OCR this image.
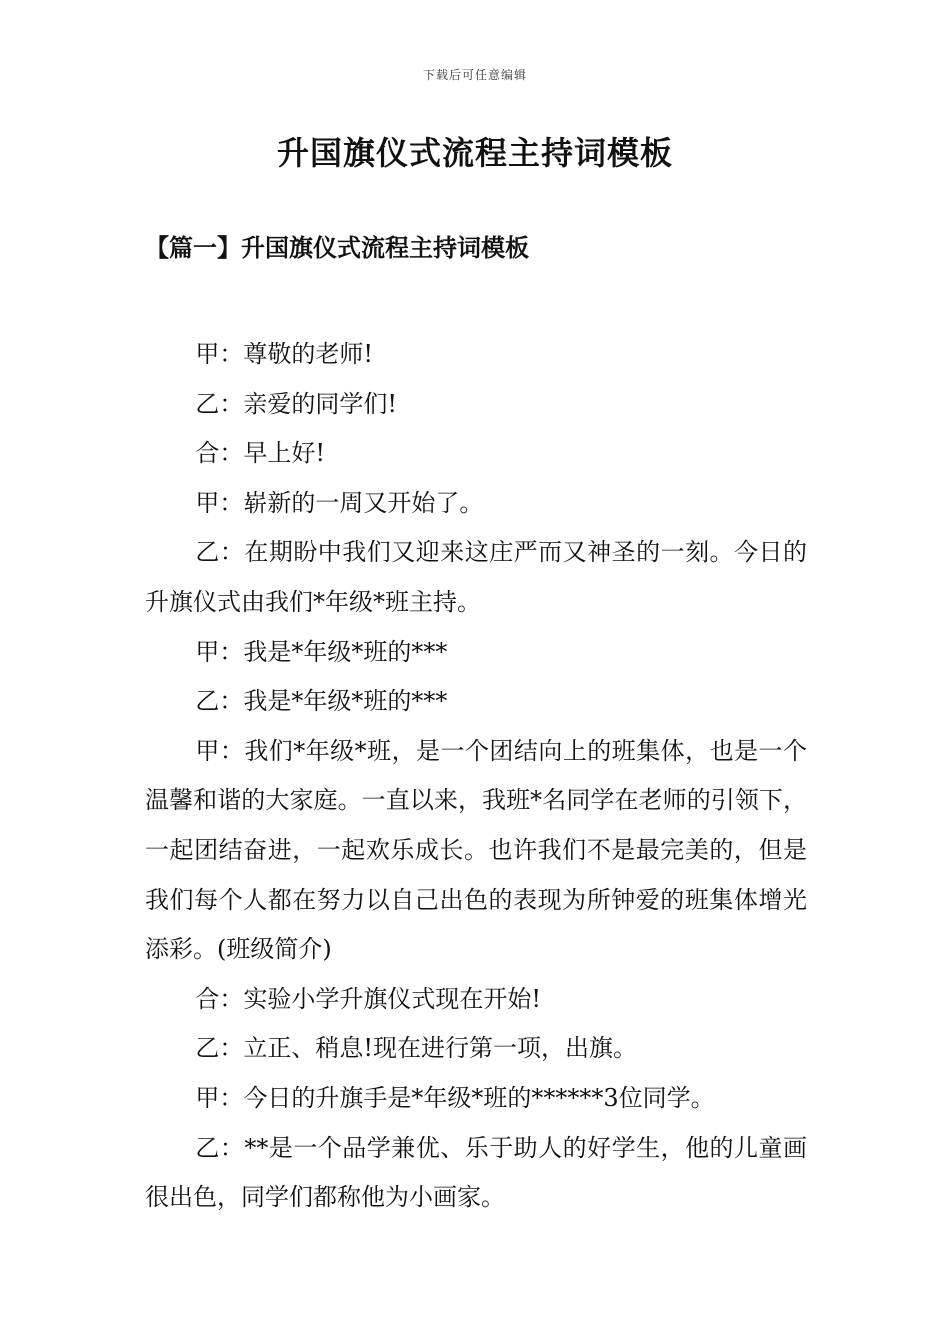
下载后可任意编辑
升国旗仪式流程主持词模板
【篇一】升国旗仪式流程主持词模板

甲：尊敬的老师!

乙：亲爱的同学们!

合：早上好!

甲：崭新的一周又开始了。

乙：在期盼中我们又迎来这庄严而又神圣的一刻。今日的升旗仪式由我们*年级*班主持。

甲：我是*年级*班的***

乙：我是*年级*班的***

甲：我们*年级*班，是一个团结向上的班集体，也是一个温馨和谐的大家庭。一直以来，我班*名同学在老师的引领下，一起团结奋进，一起欢乐成长。也许我们不是最完美的，但是我们每个人都在努力以自己出色的表现为所钟爱的班集体增光添彩。(班级简介)

合：实验小学升旗仪式现在开始!

乙：立正、稍息!现在进行第一项，出旗。

甲：今日的升旗手是*年级*班的******3位同学。

乙：**是一个品学兼优、乐于助人的好学生，他的儿童画很出色，同学们都称他为小画家。
